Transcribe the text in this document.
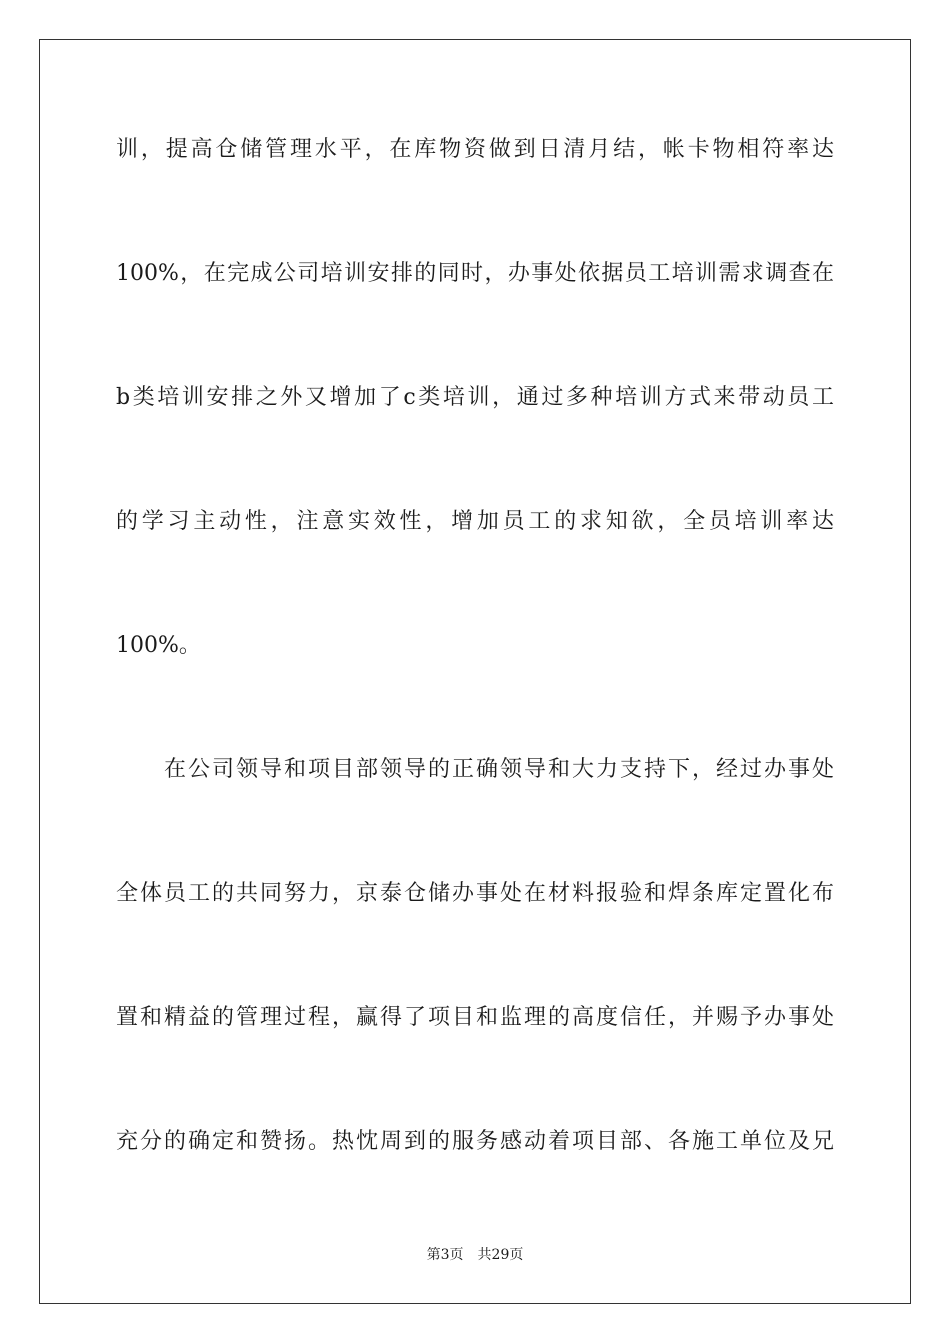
训，提高仓储管理水平，在库物资做到日清月结，帐卡物相符率达
100%，在完成公司培训安排的同时，办事处依据员工培训需求调查在
b类培训安排之外又增加了c类培训，通过多种培训方式来带动员工
的学习主动性，注意实效性，增加员工的求知欲，全员培训率达
100%。
在公司领导和项目部领导的正确领导和大力支持下，经过办事处
全体员工的共同努力，京泰仓储办事处在材料报验和焊条库定置化布
置和精益的管理过程，赢得了项目和监理的高度信任，并赐予办事处
充分的确定和赞扬。热忱周到的服务感动着项目部、各施工单位及兄
第3页　共29页
